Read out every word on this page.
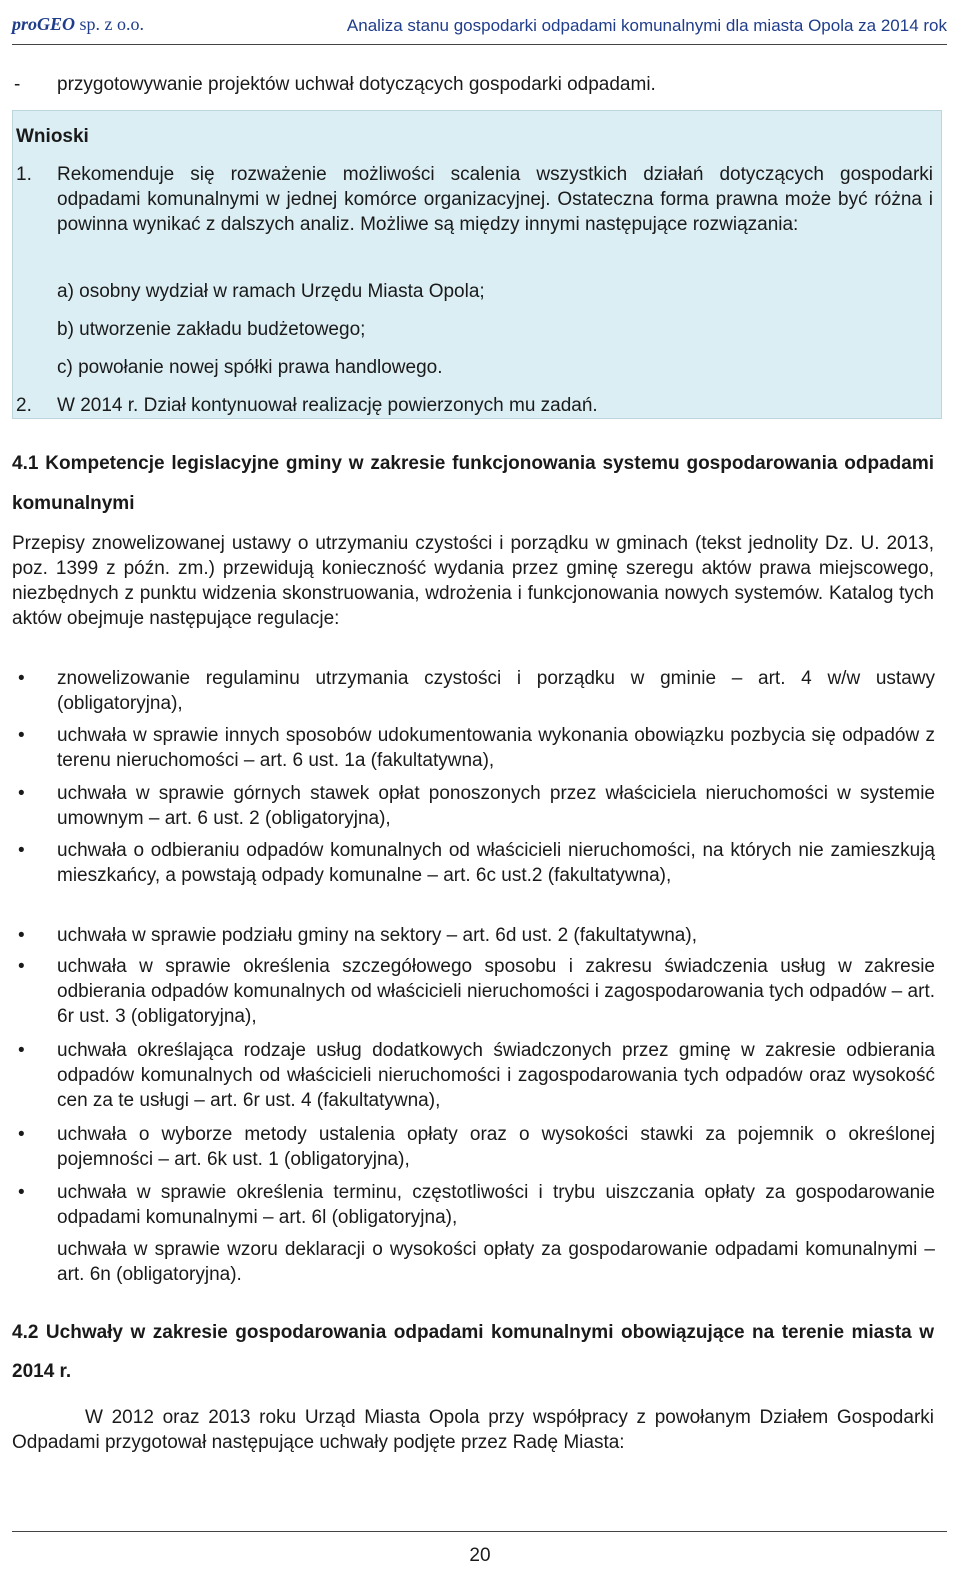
proGEO sp. z o.o.	Analiza stanu gospodarki odpadami komunalnymi dla miasta Opola za 2014 rok
- przygotowywanie projektów uchwał dotyczących gospodarki odpadami.

Wnioski

1. Rekomenduje się rozważenie możliwości scalenia wszystkich działań dotyczących gospodarki odpadami komunalnymi w jednej komórce organizacyjnej. Ostateczna forma prawna może być różna i powinna wynikać z dalszych analiz. Możliwe są między innymi następujące rozwiązania:

a) osobny wydział w ramach Urzędu Miasta Opola;

b) utworzenie zakładu budżetowego;

c) powołanie nowej spółki prawa handlowego.

2. W 2014 r. Dział kontynuował realizację powierzonych mu zadań.

4.1 Kompetencje legislacyjne gminy w zakresie funkcjonowania systemu gospodarowania odpadami komunalnymi

Przepisy znowelizowanej ustawy o utrzymaniu czystości i porządku w gminach (tekst jednolity Dz. U. 2013, poz. 1399 z późn. zm.) przewidują konieczność wydania przez gminę szeregu aktów prawa miejscowego, niezbędnych z punktu widzenia skonstruowania, wdrożenia i funkcjonowania nowych systemów. Katalog tych aktów obejmuje następujące regulacje:

• znowelizowanie regulaminu utrzymania czystości i porządku w gminie – art. 4 w/w ustawy (obligatoryjna),

• uchwała w sprawie innych sposobów udokumentowania wykonania obowiązku pozbycia się odpadów z terenu nieruchomości – art. 6 ust. 1a (fakultatywna),

• uchwała w sprawie górnych stawek opłat ponoszonych przez właściciela nieruchomości w systemie umownym – art. 6 ust. 2 (obligatoryjna),

• uchwała o odbieraniu odpadów komunalnych od właścicieli nieruchomości, na których nie zamieszkują mieszkańcy, a powstają odpady komunalne – art. 6c ust.2 (fakultatywna),

• uchwała w sprawie podziału gminy na sektory – art. 6d ust. 2 (fakultatywna),

• uchwała w sprawie określenia szczegółowego sposobu i zakresu świadczenia usług w zakresie odbierania odpadów komunalnych od właścicieli nieruchomości i zagospodarowania tych odpadów – art. 6r ust. 3 (obligatoryjna),

• uchwała określająca rodzaje usług dodatkowych świadczonych przez gminę w zakresie odbierania odpadów komunalnych od właścicieli nieruchomości i zagospodarowania tych odpadów oraz wysokość cen za te usługi – art. 6r ust. 4 (fakultatywna),

• uchwała o wyborze metody ustalenia opłaty oraz o wysokości stawki za pojemnik o określonej pojemności – art. 6k ust. 1 (obligatoryjna),

• uchwała w sprawie określenia terminu, częstotliwości i trybu uiszczania opłaty za gospodarowanie odpadami komunalnymi – art. 6l (obligatoryjna),

uchwała w sprawie wzoru deklaracji o wysokości opłaty za gospodarowanie odpadami komunalnymi – art. 6n (obligatoryjna).

4.2 Uchwały w zakresie gospodarowania odpadami komunalnymi obowiązujące na terenie miasta w 2014 r.

W 2012 oraz 2013 roku Urząd Miasta Opola przy współpracy z powołanym Działem Gospodarki Odpadami przygotował następujące uchwały podjęte przez Radę Miasta:

20
